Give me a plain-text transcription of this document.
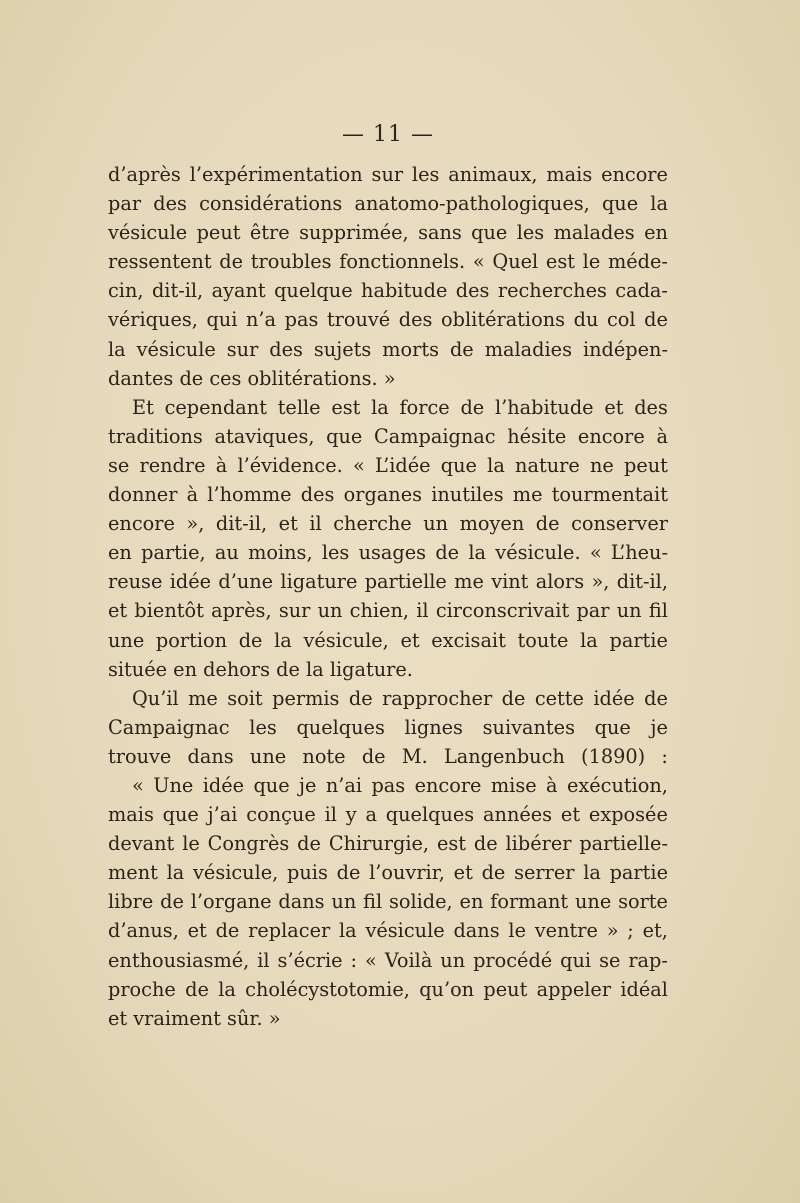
— 11 —
d’après l’expérimentation sur les animaux, mais encore
par des considérations anatomo-pathologiques, que la
vésicule peut être supprimée, sans que les malades en
ressentent de troubles fonctionnels. « Quel est le méde-
cin, dit-il, ayant quelque habitude des recherches cada-
vériques, qui n’a pas trouvé des oblitérations du col de
la vésicule sur des sujets morts de maladies indépen-
dantes de ces oblitérations. »
Et cependant telle est la force de l’habitude et des
traditions ataviques, que Campaignac hésite encore à
se rendre à l’évidence. « L’idée que la nature ne peut
donner à l’homme des organes inutiles me tourmentait
encore », dit-il, et il cherche un moyen de conserver
en partie, au moins, les usages de la vésicule. « L’heu-
reuse idée d’une ligature partielle me vint alors », dit-il,
et bientôt après, sur un chien, il circonscrivait par un fil
une portion de la vésicule, et excisait toute la partie
située en dehors de la ligature.
Qu’il me soit permis de rapprocher de cette idée de
Campaignac les quelques lignes suivantes que je
trouve dans une note de M. Langenbuch (1890) :
« Une idée que je n’ai pas encore mise à exécution,
mais que j’ai conçue il y a quelques années et exposée
devant le Congrès de Chirurgie, est de libérer partielle-
ment la vésicule, puis de l’ouvrir, et de serrer la partie
libre de l’organe dans un fil solide, en formant une sorte
d’anus, et de replacer la vésicule dans le ventre » ; et,
enthousiasmé, il s’écrie : « Voilà un procédé qui se rap-
proche de la cholécystotomie, qu’on peut appeler idéal
et vraiment sûr. »
